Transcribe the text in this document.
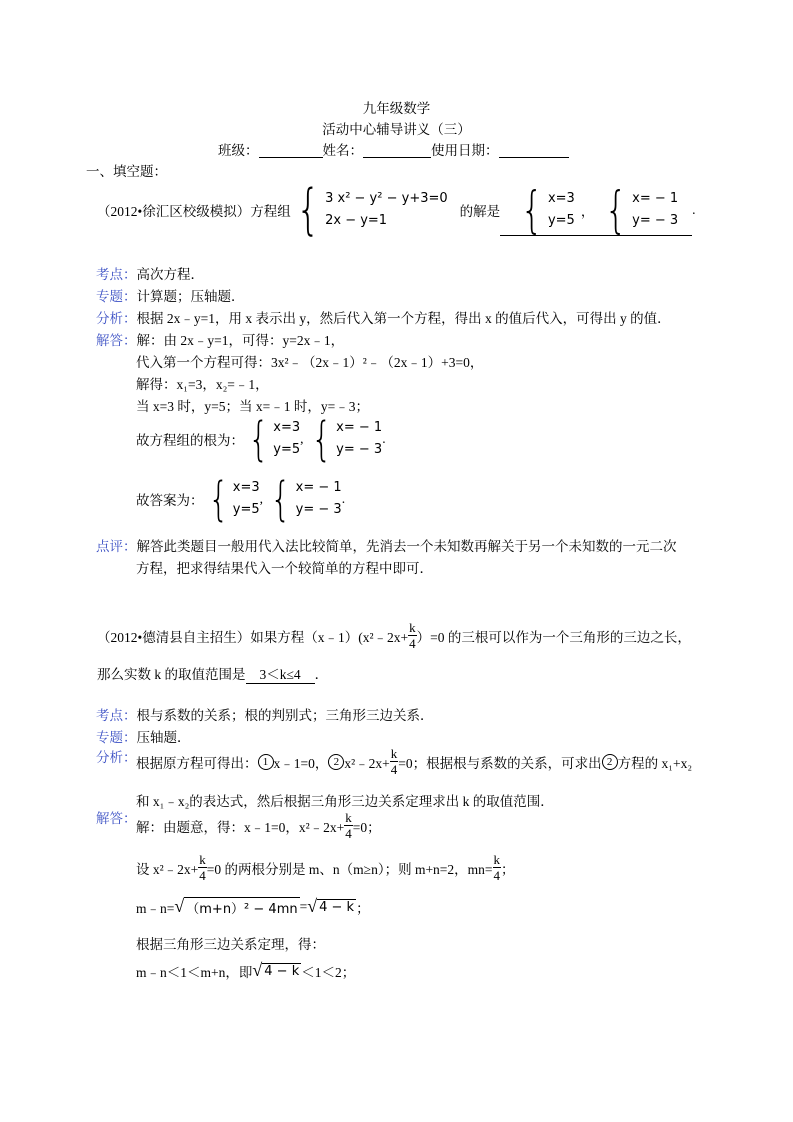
九年级数学
活动中心辅导讲义（三）
班级：	姓名：	使用日期：
一、填空题：
（2012•徐汇区校级模拟）方程组 { 3 x² − y² − y+3=0
2x − y=1
的解是 { x=3
y=5
， { x= − 1
y= − 3
.
考点：高次方程．
专题：计算题；压轴题．
分析：根据 2x﹣y=1，用 x 表示出 y，然后代入第一个方程，得出 x 的值后代入，可得出 y 的值．
解答：解：由 2x﹣y=1，可得：y=2x﹣1，
代入第一个方程可得：3x²﹣（2x﹣1）²﹣（2x﹣1）+3=0，
解得：x₁=3，x₂=﹣1，
当 x=3 时，y=5；当 x=﹣1 时，y=﹣3；
故方程组的根为： { x=3
y=5
, { x= − 1
y= − 3
.
故答案为： { x=3
y=5
, { x= − 1
y= − 3
.
点评：解答此类题目一般用代入法比较简单，先消去一个未知数再解关于另一个未知数的一元二次
方程，把求得结果代入一个较简单的方程中即可．
（2012•德清县自主招生）如果方程（x﹣1）(x²﹣2x+ $\frac{k}{4} )=0$ 的三根可以作为一个三角形的三边之长，
那么实数 k 的取值范围是 3＜k≤4 ．
考点：根与系数的关系；根的判别式；三角形三边关系．
专题：压轴题．
分析： 根据原方程可得出： 1 x﹣1=0， 2 x²﹣2x+ $\frac{k}{4} =0$；根据根与系数的关系，可求出 2 方程的 x₁+x₂
和 x₁﹣x₂的表达式，然后根据三角形三边关系定理求出 k 的取值范围．
解答：
解：由题意，得：x﹣1=0，x²﹣2x+ $\frac{k}{4} =0$；
设 x²﹣2x+ $\frac{k}{4} =0$ 的两根分别是 m、n（m≥n）；则 m+n=2，$mn= \frac{k}{4}$ ；
m﹣n= √ （m+n）² − 4mn = √ 4 − k ；
根据三角形三边关系定理，得：
m﹣n＜1＜m+n，即 √ 4 − k ＜1＜2；
